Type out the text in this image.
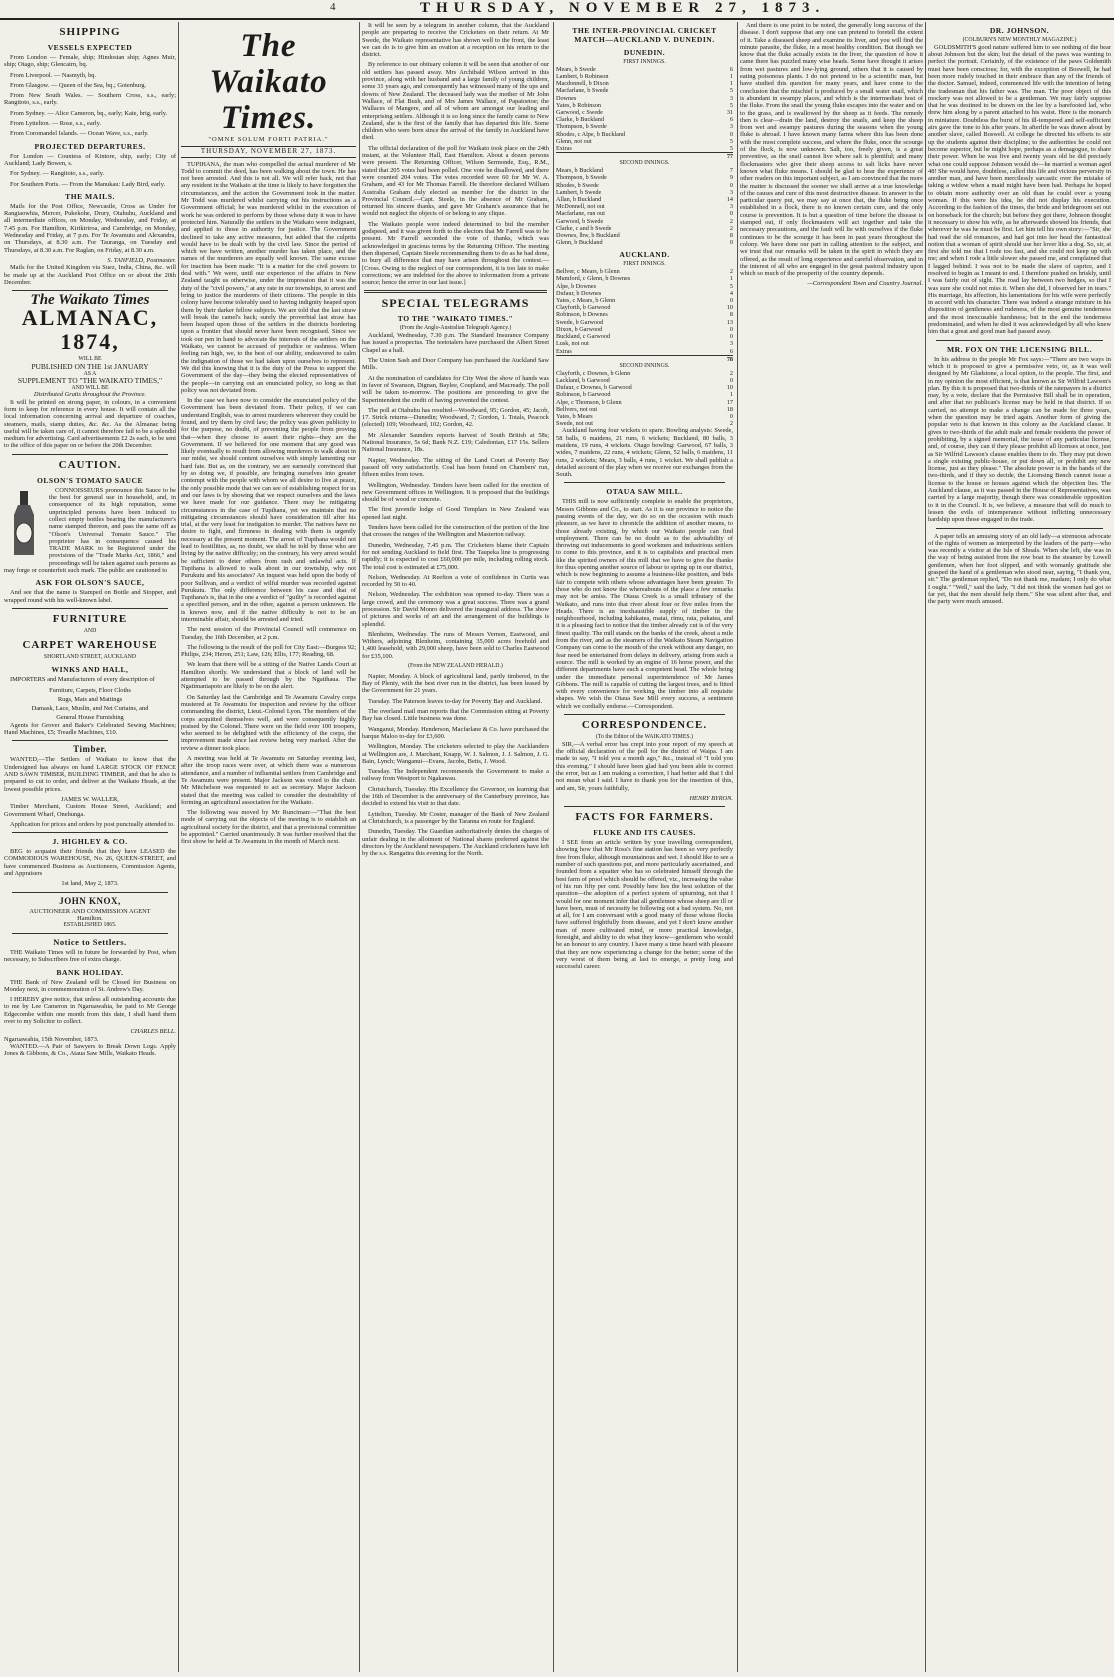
4	THURSDAY, NOVEMBER 27, 1873.
SHIPPING
VESSELS EXPECTED

From London — Female, ship; Hindostan ship; Agnes Muir, ship; Otago, ship; Glencairn, bq.

From Liverpool. — Nasmyth, bq.

From Glasgow. — Queen of the Sea, bq.; Gotenburg.

From New South Wales. — Southern Cross, s.s., early; Rangitoto, s.s., early.

From Sydney. — Alice Cameron, bq., early; Kate, brig, early.

From Lyttelton. — Rose, s.s., early.

From Coromandel Islands. — Ocean Wave, s.s., early.

PROJECTED DEPARTURES.

For London — Countess of Kintore, ship, early; City of Auckland; Lady Bowen, s.

For Sydney. — Rangitoto, s.s., early.

For Southern Ports. — From the Manukau: Lady Bird, early.

THE MAILS.

Mails for the Post Office, Newcastle, Cross as Under for Rangiaowhia, Mercer, Pukekohe, Drury, Otahuhu, Auckland and all intermediate offices, on Monday, Wednesday, and Friday, at 7.45 p.m. For Hamilton, Kirikiriroa, and Cambridge, on Monday, Wednesday and Friday, at 7 p.m. For Te Awamutu and Alexandra, on Thursdays, at 8.30 a.m. For Tauranga, on Tuesday and Thursdays, at 8.30 a.m. For Raglan, on Friday, at 8.30 a.m.

S. TANFIELD, Postmaster.

Mails for the United Kingdom via Suez, India, China, &c. will be made up at the Auckland Post Office on or about the 20th December.

The Waikato Times
ALMANAC, 1874,
WILL BE
PUBLISHED ON THE 1st JANUARY
AS A
SUPPLEMENT TO "THE WAIKATO TIMES,"
AND WILL BE
Distributed Gratis throughout the Province.

It will be printed on strong paper, in colours, in a convenient form to keep for reference in every house. It will contain all the local information concerning arrival and departure of coaches, steamers, mails, stamp duties, &c. &c. As the Almanac being useful will be taken care of, it cannot therefore fail to be a splendid medium for advertising. Card advertisements £2 2s each, to be sent to the office of this paper on or before the 20th December.

CAUTION.
OLSON'S TOMATO SAUCE

CONNOISSEURS pronounce this Sauce to be the best for general use in household, and, in consequence of its high reputation, some unprincipled persons have been induced to collect empty bottles bearing the manufacturer's name stamped thereon, and pass the same off as "Olson's Universal Tomato Sauce." The proprietor has in consequence caused his TRADE MARK to be Registered under the provisions of the "Trade Marks Act, 1866," and proceedings will be taken against such persons as may forge or counterfeit such mark. The public are cautioned to

ASK FOR OLSON'S SAUCE,

And see that the name is Stamped on Bottle and Stopper, and wrapped round with his well-known label.

FURNITURE
AND
CARPET WAREHOUSE
SHORTLAND STREET, AUCKLAND
WINKS AND HALL,

IMPORTERS and Manufacturers of every description of

Furniture, Carpets, Floor Cloths
Rugs, Mats and Mattings
Damask, Lace, Muslin, and Net Curtains, and
General House Furnishing

Agents for Grover and Baker's Celebrated Sewing Machines; Hand Machines, £5; Treadle Machines, £10.

Timber.

WANTED,—The Settlers of Waikato to know that the Undersigned has always on hand LARGE STOCK OF FENCE AND SAWN TIMBER, BUILDING TIMBER, and that he also is prepared to cut to order, and deliver at the Waikato Heads, at the lowest possible prices.

JAMES W. WALLER,

Timber Merchant, Custom House Street, Auckland; and Government Wharf, Onehunga.

Application for prices and orders by post punctually attended to.

J. HIGHLEY & CO.

BEG to acquaint their friends that they have LEASED the COMMODIOUS WAREHOUSE, No. 26, QUEEN-STREET, and have commenced Business as Auctioneers, Commission Agents, and Appraisers

1st land, May 2, 1873.
JOHN KNOX,
AUCTIONEER AND COMMISSION AGENT
Hamilton.
ESTABLISHED 1865.
Notice to Settlers.

THE Waikato Times will in future be forwarded by Post, when necessary, to Subscribers free of extra charge.

BANK HOLIDAY.

THE Bank of New Zealand will be Closed for Business on Monday next, in commemoration of St. Andrew's Day.

I HEREBY give notice, that unless all outstanding accounts due to me by Lee Cameron in Ngaruawahia, be paid to Mr George Edgecombe within one month from this date, I shall hand them over to my Solicitor to collect.

CHARLES BELL.
Ngaruawahia, 15th November, 1873.

WANTED.—A Pair of Sawyers to Break Down Logs. Apply Jones & Gibbons, & Co., Ataua Saw Mills, Waikato Heads.

The Waikato Times.
"OMNE SOLUM FORTI PATRIA."
THURSDAY, NOVEMBER 27, 1873.

TUPIHANA, the man who compelled the actual murderer of Mr Todd to commit the deed, has been walking about the town. He has not been arrested. And this is not all. We will refer back, not that any resident in the Waikato at the time is likely to have forgotten the circumstances, and the action the Government took in the matter. Mr Todd was murdered whilst carrying out his instructions as a Government official; he was murdered whilst in the execution of work he was ordered to perform by those whose duty it was to have protected him. Naturally the settlers in the Waikato were indignant, and applied to those in authority for justice. The Government declined to take any active measures, but added that the culprits would have to be dealt with by the civil law. Since the period of which we have written, another murder has taken place, and the names of the murderers are equally well known. The same excuse for inaction has been made: "It is a matter for the civil powers to deal with." We were, until our experience of the affairs in New Zealand taught us otherwise, under the impression that it was the duty of the "civil powers," at any rate in our townships, to arrest and bring to justice the murderers of their citizens. The people in this colony have become tolerably used to having indignity heaped upon them by their darker fellow subjects. We are told that the last straw will break the camel's back; surely the proverbial last straw has been heaped upon those of the settlers in the districts bordering upon a frontier that should never have been recognised. Since we took our pen in hand to advocate the interests of the settlers on the Waikato, we cannot be accused of prejudice or rashness. When feeling ran high, we, to the best of our ability, endeavored to calm the indignation of those we had taken upon ourselves to represent. We did this knowing that it is the duty of the Press to support the Government of the day—they being the elected representatives of the people—in carrying out an enunciated policy, so long as that policy was not deviated from.

In the case we have now to consider the enunciated policy of the Government has been deviated from. Their policy, if we can understand English, was to arrest murderers wherever they could be found, and try them by civil law; the policy was given publicity to for the purpose, no doubt, of preventing the people from proving that—when they choose to assert their rights—they are the Government. If we believed for one moment that any good was likely eventually to result from allowing murderers to walk about in our midst, we should content ourselves with simply lamenting our hard fate. But as, on the contrary, we are earnestly convinced that by so doing we, if possible, are bringing ourselves into greater contempt with the people with whom we all desire to live at peace, the only possible mode that we can see of establishing respect for us and our laws is by showing that we respect ourselves and the laws we have made for our guidance. There may be mitigating circumstances in the case of Tupihana, yet we maintain that no mitigating circumstances should have consideration till after his trial, at the very least for instigation to murder. The natives have no desire to fight, and firmness in dealing with them is urgently necessary at the present moment. The arrest of Tupihana would not lead to hostilities, as, no doubt, we shall be told by those who are living by the native difficulty; on the contrary, his very arrest would be sufficient to deter others from rash and unlawful acts. If Tupihana is allowed to walk about in our township, why not Purukutu and his associates? An inquest was held upon the body of poor Sullivan, and a verdict of wilful murder was recorded against Purukutu. The only difference between his case and that of Tupihana's is, that in the one a verdict of "guilty" is recorded against a specified person, and in the other, against a person unknown. He is known now, and if the native difficulty is not to be an interminable affair, should be arrested and tried.

The next session of the Provincial Council will commence on Tuesday, the 16th December, at 2 p.m.

The following is the result of the poll for City East:—Burgess 92; Philips, 234; Heron, 251; Law, 126; Ellis, 177; Reading, 68.

We learn that there will be a sitting of the Native Lands Court at Hamilton shortly. We understand that a block of land will be attempted to be passed through by the Ngatihaua. The Ngatimaniapoto are likely to be on the alert.

On Saturday last the Cambridge and Te Awamutu Cavalry corps mustered at Te Awamutu for inspection and review by the officer commanding the district, Lieut.-Colonel Lyon. The members of the corps acquitted themselves well, and were consequently highly praised by the Colonel. There were on the field over 100 troopers, who seemed to be delighted with the efficiency of the corps, the improvement made since last review being very marked. After the review a dinner took place.

A meeting was held at Te Awamutu on Saturday evening last, after the troop races were over, at which there was a numerous attendance, and a number of influential settlers from Cambridge and Te Awamutu were present. Major Jackson was voted to the chair. Mr Mitchelson was requested to act as secretary. Major Jackson stated that the meeting was called to consider the desirability of forming an agricultural association for the Waikato.

The following was moved by Mr Runciman:—"That the best mode of carrying out the objects of the meeting is to establish an agricultural society for the district, and that a provisional committee be appointed." Carried unanimously. It was further resolved that the first show be held at Te Awamutu in the month of March next.

It will be seen by a telegram in another column, that the Auckland people are preparing to receive the Cricketers on their return. At Mr Swede, the Waikato representative has shown well to the front, the least we can do is to give him an ovation at a reception on his return to the district.

By reference to our obituary column it will be seen that another of our old settlers has passed away. Mrs Archibald Wilson arrived in this province, along with her husband and a large family of young children, some 31 years ago, and consequently has witnessed many of the ups and downs of New Zealand. The deceased lady was the mother of Mr John Wallace, of Flat Bush, and of Mrs James Wallace, of Papatoetoe; the Wallaces of Mangere, and all of whom are amongst our leading and enterprising settlers. Although it is so long since the family came to New Zealand, she is the first of the family that has departed this life. Some children who were born since the arrival of the family in Auckland have died.

The official declaration of the poll for Waikato took place on the 24th instant, at the Volunteer Hall, East Hamilton. About a dozen persons were present. The Returning Officer, Wilson Sermonde, Esq., R.M., stated that 205 votes had been polled. One vote he disallowed, and there were counted 204 votes. The votes recorded were 60 for Mr W. A. Graham, and 43 for Mr Thomas Farrell. He therefore declared William Australia Graham duly elected as member for the district in the Provincial Council.—Capt. Steele, in the absence of Mr Graham, returned his sincere thanks, and gave Mr Graham's assurance that he would not neglect the objects of or belong to any clique.

The Waikato people were indeed determined to bid the member godspeed, and it was given forth to the electors that Mr Farrell was to be present. Mr Farrell seconded the vote of thanks, which was acknowledged in gracious terms by the Returning Officer. The meeting then dispersed, Captain Steele recommending them to do as he had done, to bury all difference that may have arisen throughout the contest.—[Cross. Owing to the neglect of our correspondent, it is too late to make corrections; we are indebted for the above to information from a private source; hence the error in our last issue.]

SPECIAL TELEGRAMS
TO THE "WAIKATO TIMES."
(From the Anglo-Australian Telegraph Agency.)

Auckland, Wednesday, 7.30 p.m. The Standard Insurance Company has issued a prospectus. The teetotalers have purchased the Albert Street Chapel as a hall.

The Union Sash and Door Company has purchased the Auckland Saw Mills.

At the nomination of candidates for City West the show of hands was in favor of Swanson, Dignan, Baylee, Coupland, and Macready. The poll will be taken to-morrow. The positions are proceeding to give the Superintendent the credit of having prevented the contest.

The poll at Otahuhu has resulted—Woodward, 95; Gordon, 45; Jacob, 17. Strick returns—Dunedin; Woodward, 7; Gordon, 1. Totals, Peacock (elected) 109; Woodward, 102; Gordon, 42.

Mr Alexander Saunders reports harvest of South British at 58s; National Insurance, 5s 6d; Bank N.Z. £19; Caledonian, £17 15s. Sellers National Insurance, 18s.

Napier, Wednesday. The sitting of the Land Court at Poverty Bay passed off very satisfactorily. Coal has been found on Chambers' run, fifteen miles from town.

Wellington, Wednesday. Tenders have been called for the erection of new Government offices in Wellington. It is proposed that the buildings should be of wood or concrete.

The first juvenile lodge of Good Templars in New Zealand was opened last night.

Tenders have been called for the construction of the portion of the line that crosses the ranges of the Wellington and Masterton railway.

Dunedin, Wednesday, 7.45 p.m. The Cricketers blame their Captain for not sending Auckland to field first. The Taupeka line is progressing rapidly; it is expected to cost £60,000 per mile, including rolling stock. The total cost is estimated at £75,000.

Nelson, Wednesday. At Reefton a vote of confidence in Curtis was recorded by 50 to 40.

Nelson, Wednesday. The exhibition was opened to-day. There was a large crowd, and the ceremony was a great success. There was a grand procession. Sir David Monro delivered the inaugural address. The show of pictures and works of art and the arrangement of the buildings is splendid.

Blenheim, Wednesday. The runs of Messrs Vernon, Eastwood, and Withers, adjoining Blenheim, containing 35,000 acres freehold and 1,400 leasehold, with 29,000 sheep, have been sold to Charles Eastwood for £35,100.

(From the NEW ZEALAND HERALD.)

Napier, Monday. A block of agricultural land, partly timbered, in the Bay of Plenty, with the best river run in the district, has been leased by the Government for 21 years.

Tuesday. The Paterson leaves to-day for Poverty Bay and Auckland.

The overland mail man reports that the Commission sitting at Poverty Bay has closed. Little business was done.

Wanganui, Monday. Henderson, Macfarlane & Co. have purchased the barque Maloo to-day for £3,600.

Wellington, Monday. The cricketers selected to play the Aucklanders at Wellington are, J. Marchant, Knapp, W. J. Salmon, J. J. Salmon, J. G. Bain, Lynch; Wanganui—Evans, Jacobs, Betts, J. Wood.

Tuesday. The Independent recommends the Government to make a railway from Westport to Ngakawau.

Christchurch, Tuesday. His Excellency the Governor, on learning that the 16th of December is the anniversary of the Canterbury province, has decided to extend his visit to that date.

Lyttelton, Tuesday. Mr Coster, manager of the Bank of New Zealand at Christchurch, is a passenger by the Taranna en route for England.

Dunedin, Tuesday. The Guardian authoritatively denies the charges of unfair dealing in the allotment of National shares preferred against the directors by the Auckland newspapers. The Auckland cricketers have left by the s.s. Rangatira this evening for the North.

THE INTER-PROVINCIAL CRICKET MATCH—AUCKLAND V. DUNEDIN.
DUNEDIN.
FIRST INNINGS.
Mears, b Swede	6
Lambert, b Robinson	1
Macdonnell, b Dixon	1
Macfarlane, b Swede	5
Downes	3
Yates, b Robinson	5
Garwood, c Swede	31
Clarke, b Buckland	6
Thompson, b Swede	3
Rhodes, c Alpe, b Buckland	0
Glenn, not out	5
Extras	5
	77
SECOND INNINGS.
Mears, b Buckland	7
Thompson, b Swede	9
Rhodes, b Swede	0
Lambert, b Swede	3
Allan, b Buckland	14
McDonnell, not out	3
Macfarlane, run out	0
Garwood, b Swede	2
Clarke, c and b Swede	2
Downes, lbw, b Buckland	8
Glenn, b Buckland	0
AUCKLAND.
FIRST INNINGS.
Bellver, c Mears, b Glenn	2
Mumford, c Glenn, b Downes	1
Alpe, b Downes	5
Dufaur, b Downes	4
Yates, c Mears, b Glenn	0
Clayforth, b Garwood	10
Robinson, b Downes	8
Swede, b Garwood	13
Dixon, b Garwood	0
Buckland, c Garwood	0
Lusk, not out	3
Extras	6
	78
SECOND INNINGS.
Clayforth, c Downes, b Glenn	2
Lackland, b Garwood	0
Dufaur, c Downes, b Garwood	10
Robinson, b Garwood	1
Alpe, c Thomson, b Glenn	17
Bellvers, not out	18
Yates, b Mears	0
Swede, not out	2

Auckland having four wickets to spare. Bowling analysis: Swede, 58 balls, 6 maidens, 21 runs, 6 wickets; Buckland, 80 balls, 3 maidens, 19 runs, 4 wickets. Otago bowling: Garwood, 67 balls, 3 wides, 7 maidens, 22 runs, 4 wickets; Glenn, 52 balls, 6 maidens, 11 runs, 2 wickets; Mears, 3 balls, 4 runs, 1 wicket. We shall publish a detailed account of the play when we receive our exchanges from the South.

OTAUA SAW MILL.

THIS mill is now sufficiently complete to enable the proprietors, Messrs Gibbons and Co., to start. As it is our province to notice the passing events of the day, we do so on the occasion with much pleasure, as we have to chronicle the addition of another means, to those already existing, by which our Waikato people can find employment. There can be no doubt as to the advisability of throwing out inducements to good workmen and industrious settlers to come to this province, and it is to capitalists and practical men like the spirited owners of this mill that we have to give the thanks for thus opening another source of labour to spring up in our district, which is now beginning to assume a business-like position, and bids fair to compete with others whose advantages have been greater. To those who do not know the whereabouts of the place a few remarks may not be amiss. The Otaua Creek is a small tributary of the Waikato, and runs into that river about four or five miles from the Heads. There is an inexhaustible supply of timber in the neighbourhood, including kahikatea, matai, rimu, rata, pukatea, and it is a pleasing fact to notice that the timber already cut is of the very finest quality. The mill stands on the banks of the creek, about a mile from the river, and as the steamers of the Waikato Steam Navigation Company can come to the mouth of the creek without any danger, no fear need be entertained from delays in delivery, arising from such a source. The mill is worked by an engine of 16 horse power, and the different departments have each a competent head. The whole being under the immediate personal superintendence of Mr James Gibbons. The mill is capable of cutting the largest trees, and is fitted with every convenience for working the timber into all requisite shapes. We wish the Otaua Saw Mill every success, a sentiment which we cordially endorse.—Correspondent.

CORRESPONDENCE.
(To the Editor of the WAIKATO TIMES.)

SIR,—A verbal error has crept into your report of my speech at the official declaration of the poll for the district of Waipa. I am made to say, "I told you a month ago," &c., instead of "I told you this evening." I should have been glad had you been able to correct the error, but as I am making a correction, I had better add that I did not mean what I said. I have to thank you for the insertion of this, and am, Sir, yours faithfully,

HENRY BYRON.
FACTS FOR FARMERS.
FLUKE AND ITS CAUSES.

I SEE from an article written by your travelling correspondent, showing how that Mr Ross's fine station has been so very perfectly free from fluke, although mountainous and wet. I should like to see a number of such questions put, and more particularly ascertained, and founded from a squatter who has so celebrated himself through the best farm of proof which should be offered, viz., increasing the value of his run fifty per cent. Possibly here lies the best solution of the question—the adoption of a perfect system of upturning, not that I would for one moment infer that all gentlemen whose sheep are ill or have been, must of necessity be following out a bad system. No, not at all, for I am conversant with a good many of those whose flocks have suffered frightfully from disease, and yet I don't know another man of more cultivated mind, or more practical knowledge, foresight, and ability to do what they know—gentlemen who would be an honour to any country. I have many a time heard with pleasure that they are now experiencing a change for the better; some of the very worst of them being at last to emerge, a pretty long and successful career.

And there is one point to be noted, the generally long success of the disease. I don't suppose that any one can pretend to foretell the extent of it. Take a diseased sheep and examine its liver, and you will find the minute parasite, the fluke, in a most healthy condition. But though we know that the fluke actually exists in the liver, the question of how it came there has puzzled many wise heads. Some have thought it arises from wet pastures and low-lying ground, others that it is caused by eating poisonous plants. I do not pretend to be a scientific man, but have studied this question for many years, and have come to the conclusion that the mischief is produced by a small water snail, which is abundant in swampy places, and which is the intermediate host of the fluke. From the snail the young fluke escapes into the water and on to the grass, and is swallowed by the sheep as it feeds. The remedy then is clear—drain the land, destroy the snails, and keep the sheep from wet and swampy pastures during the seasons when the young fluke is abroad. I have known many farms where this has been done with the most complete success, and where the fluke, once the scourge of the flock, is now unknown. Salt, too, freely given, is a great preventive, as the snail cannot live where salt is plentiful; and many flockmasters who give their sheep access to salt licks have never known what fluke means. I should be glad to hear the experience of other readers on this important subject, as I am convinced that the more the matter is discussed the sooner we shall arrive at a true knowledge of the causes and cure of this most destructive disease. In answer to the particular query put, we may say at once that, the fluke being once established in a flock, there is no known certain cure, and the only course is prevention. It is but a question of time before the disease is stamped out, if only flockmasters will act together and take the necessary precautions, and the fault will lie with ourselves if the fluke continues to be the scourge it has been in past years throughout the colony. We have done our part in calling attention to the subject, and we trust that our remarks will be taken in the spirit in which they are offered, as the result of long experience and careful observation, and in the interest of all who are engaged in the great pastoral industry upon which so much of the prosperity of the country depends.

—Correspondent Town and Country Journal.
DR. JOHNSON.
(COLBURN'S NEW MONTHLY MAGAZINE.)

GOLDSMITH'S good nature suffered him to see nothing of the bear about Johnson but the skin; but the detail of the paws was wanting to perfect the portrait. Certainly, of the existence of the paws Goldsmith must have been conscious; for, with the exception of Boswell, he had been more rudely touched in their embrace than any of the friends of the doctor. Samuel, indeed, commenced life with the intention of being the tradesman that his father was. The man. The poor object of this mockery was not allowed to be a gentleman. We may fairly suppose that he was destined to be drawn on the lee by a barefooted lad, who drew him along by a parent attached to his waist. Here is the monarch in miniature. Doubtless the burst of his ill-tempered and self-sufficient airs gave the tone to his after years. In afterlife he was drawn about by another slave, called Boswell. At college he directed his efforts to stir up the students against their discipline; to the authorities he could not become superior, but he might hope, perhaps as a demagogue, to share their power. When he was five and twenty years old he did precisely what one could suppose Johnson would do—he married a woman aged 48! She would have, doubtless, called this life and vicious perversity in another man, and have been mercilessly sarcastic over the mistake of taking a widow when a maid might have been had. Perhaps he hoped to obtain more authority over an old than he could over a young woman. If this were his idea, he did not display his execution. According to the fashion of the times, the bride and bridegroom set out on horseback for the church; but before they got there, Johnson thought it necessary to show his wife, as he afterwards showed his friends, that wherever he was he must be first. Let him tell his own story:—"Sir, she had read the old romances, and had got into her head the fantastical notion that a woman of spirit should use her lover like a dog. So, sir, at first she told me that I rode too fast, and she could not keep up with me; and when I rode a little slower she passed me, and complained that I lagged behind. I was not to be made the slave of caprice, and I resolved to begin as I meant to end. I therefore pushed on briskly, until I was fairly out of sight. The road lay between two hedges, so that I was sure she could not miss it. When she did, I observed her in tears." His marriage, his affection, his lamentations for his wife were perfectly in accord with his character. There was indeed a strange mixture in his disposition of gentleness and rudeness, of the most genuine tenderness and the most inexcusable harshness; but in the end the tenderness predominated, and when he died it was acknowledged by all who knew him that a great and good man had passed away.

MR. FOX ON THE LICENSING BILL.

In his address to the people Mr Fox says:—"There are two ways in which it is proposed to give a permissive veto, or, as it was well designed by Mr Gladstone, a local option, to the people. The first, and in my opinion the most efficient, is that known as Sir Wilfrid Lawson's plan. By this it is proposed that two-thirds of the ratepayers in a district may, by a vote, declare that the Permissive Bill shall be in operation, and after that no publican's license may be held in that district. If so carried, no attempt to make a change can be made for three years, when the question may be tried again. Another form of giving the popular veto is that known in this colony as the Auckland clause. It gives to two-thirds of the adult male and female residents the power of prohibiting, by a signed memorial, the issue of any particular license, and, of course, they can if they please prohibit all licenses at once, just as Sir Wilfrid Lawson's clause enables them to do. They may put down a single existing public-house, or put down all, or prohibit any new license, just as they please." The absolute power is in the hands of the two-thirds, and if they so decide, the Licensing Bench cannot issue a license to the house or houses against which the objection lies. The Auckland clause, as it was passed in the House of Representatives, was carried by a large majority, though there was considerable opposition to it in the Council. It is, we believe, a measure that will do much to lessen the evils of intemperance without inflicting unnecessary hardship upon those engaged in the trade.

A paper tells an amusing story of an old lady—a strenuous advocate of the rights of women as interpreted by the leaders of the party—who was recently a visitor at the Isle of Shoals. When she left, she was in the way of being assisted from the row boat to the steamer by Lowell gentlemen, when her foot slipped, and with womanly gratitude she grasped the hand of a gentleman who stood near, saying, "I thank you, sir." The gentleman replied, "Do not thank me, madam; I only do what I ought." "Well," said the lady, "I did not think the women had got so far yet, that the men should help them." She was silent after that, and the party were much amused.
